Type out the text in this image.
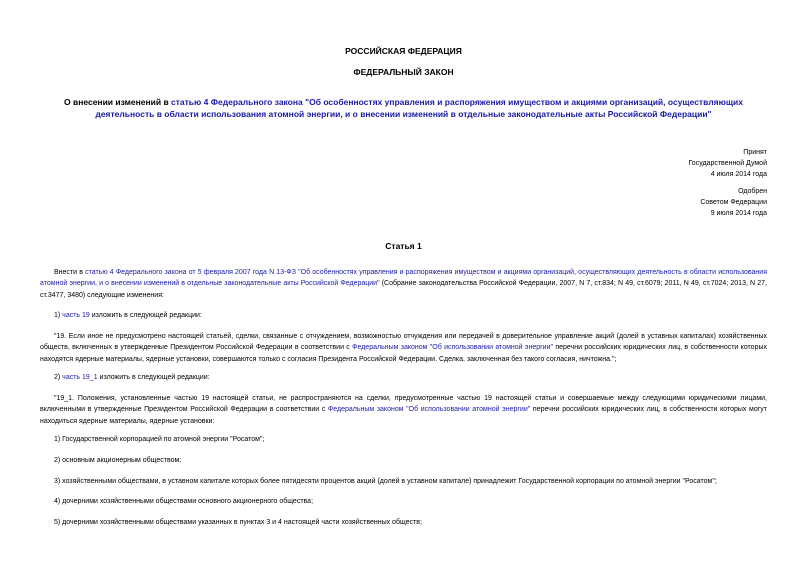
РОССИЙСКАЯ ФЕДЕРАЦИЯ
ФЕДЕРАЛЬНЫЙ ЗАКОН
О внесении изменений в статью 4 Федерального закона "Об особенностях управления и распоряжения имуществом и акциями организаций, осуществляющих деятельность в области использования атомной энергии, и о внесении изменений в отдельные законодательные акты Российской Федерации"
Принят
Государственной Думой
4 июля 2014 года
Одобрен
Советом Федерации
9 июля 2014 года
Статья 1
Внести в статью 4 Федерального закона от 5 февраля 2007 года N 13-ФЗ "Об особенностях управления и распоряжения имуществом и акциями организаций, осуществляющих деятельность в области использования атомной энергии, и о внесении изменений в отдельные законодательные акты Российской Федерации" (Собрание законодательства Российской Федерации, 2007, N 7, ст.834; N 49, ст.6079; 2011, N 49, ст.7024; 2013, N 27, ст.3477, 3480) следующие изменения:
1) часть 19 изложить в следующей редакции:
"19. Если иное не предусмотрено настоящей статьей, сделки, связанные с отчуждением, возможностью отчуждения или передачей в доверительное управление акций (долей в уставных капиталах) хозяйственных обществ, включенных в утвержденные Президентом Российской Федерации в соответствии с Федеральным законом "Об использовании атомной энергии" перечни российских юридических лиц, в собственности которых находятся ядерные материалы, ядерные установки, совершаются только с согласия Президента Российской Федерации. Сделка, заключенная без такого согласия, ничтожна.";
2) часть 19_1 изложить в следующей редакции:
"19_1. Положения, установленные частью 19 настоящей статьи, не распространяются на сделки, предусмотренные частью 19 настоящей статьи и совершаемые между следующими юридическими лицами, включенными в утвержденные Президентом Российской Федерации в соответствии с Федеральным законом "Об использовании атомной энергии" перечни российских юридических лиц, в собственности которых могут находиться ядерные материалы, ядерные установки:
1) Государственной корпорацией по атомной энергии "Росатом";
2) основным акционерным обществом;
3) хозяйственными обществами, в уставном капитале которых более пятидесяти процентов акций (долей в уставном капитале) принадлежит Государственной корпорации по атомной энергии "Росатом";
4) дочерними хозяйственными обществами основного акционерного общества;
5) дочерними хозяйственными обществами указанных в пунктах 3 и 4 настоящей части хозяйственных обществ;
